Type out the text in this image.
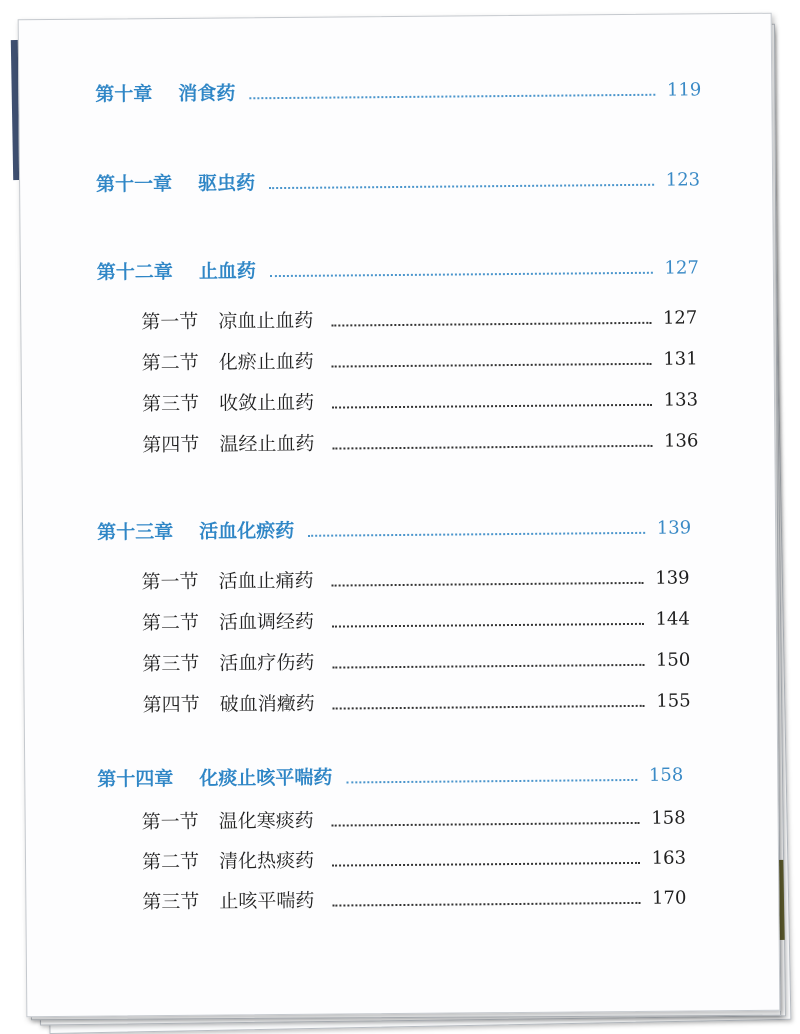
第十章 消食药	119
第十一章 驱虫药	123
第十二章 止血药	127
第一节 凉血止血药	127
第二节 化瘀止血药	131
第三节 收敛止血药	133
第四节 温经止血药	136
第十三章 活血化瘀药	139
第一节 活血止痛药	139
第二节 活血调经药	144
第三节 活血疗伤药	150
第四节 破血消癥药	155
第十四章 化痰止咳平喘药	158
第一节 温化寒痰药	158
第二节 清化热痰药	163
第三节 止咳平喘药	170
